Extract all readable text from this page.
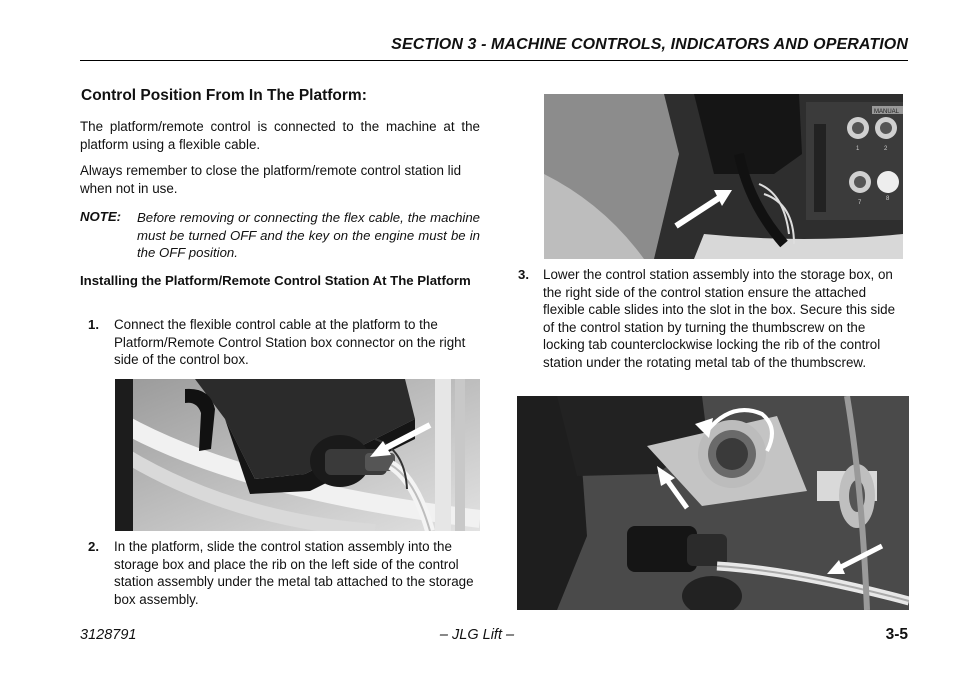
SECTION 3 - MACHINE CONTROLS, INDICATORS AND OPERATION
Control Position From In The Platform:
The platform/remote control is connected to the machine at the platform using a flexible cable.
Always remember to close the platform/remote control station lid when not in use.
NOTE: Before removing or connecting the flex cable, the machine must be turned OFF and the key on the engine must be in the OFF position.
Installing the Platform/Remote Control Station At The Platform
1. Connect the flexible control cable at the platform to the Platform/Remote Control Station box connector on the right side of the control box.
2. In the platform, slide the control station assembly into the storage box and place the rib on the left side of the control station assembly under the metal tab attached to the storage box assembly.
MANUAL
1	2
7
8
3. Lower the control station assembly into the storage box, on the right side of the control station ensure the attached flexible cable slides into the slot in the box. Secure this side of the control station by turning the thumbscrew on the locking tab counterclockwise locking the rib of the control station under the rotating metal tab of the thumbscrew.
3128791	– JLG Lift –	3-5
